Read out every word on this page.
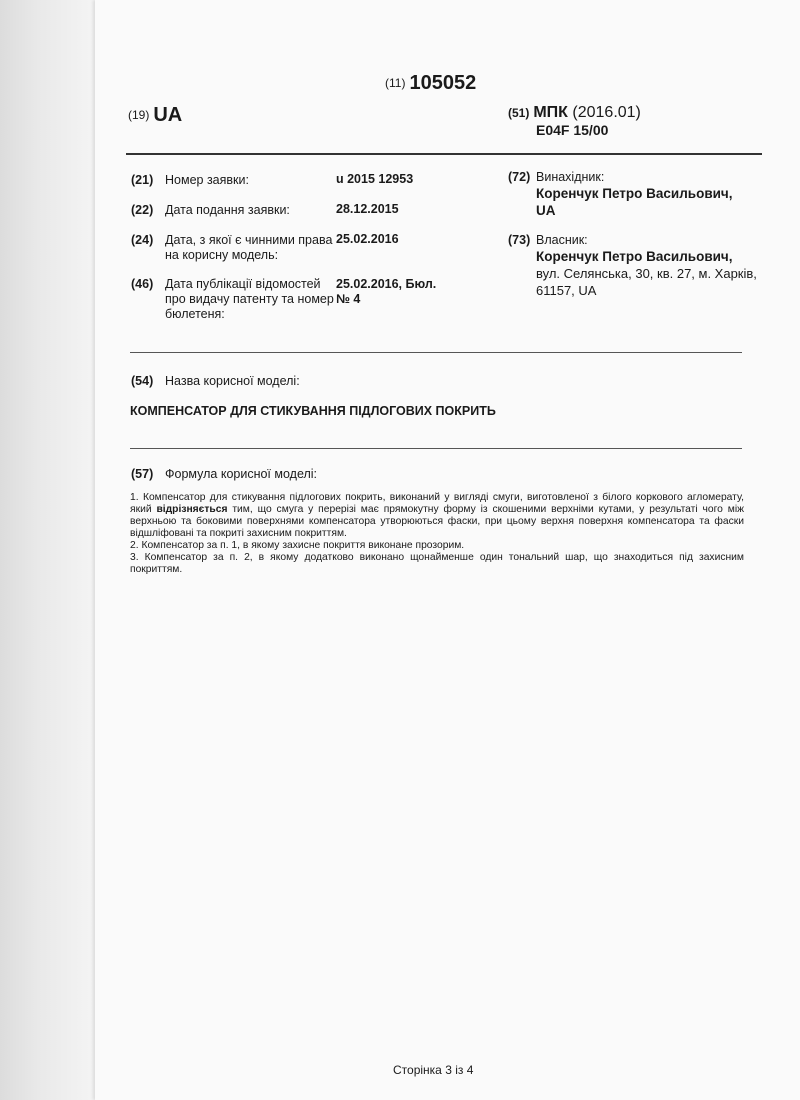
(11) 105052
(19) UA	(51) МПК (2016.01)
E04F 15/00
(21) Номер заявки:	u 2015 12953
(22) Дата подання заявки:	28.12.2015
(24) Дата, з якої є чинними права на корисну модель:
25.02.2016
(46) Дата публікації відомостей про видачу патенту та номер бюлетеня:
25.02.2016, Бюл. № 4
(72) Винахідник:
Коренчук Петро Васильович,
UA
(73) Власник:
Коренчук Петро Васильович,
вул. Селянська, 30, кв. 27, м. Харків, 61157, UA
(54) Назва корисної моделі:
КОМПЕНСАТОР ДЛЯ СТИКУВАННЯ ПІДЛОГОВИХ ПОКРИТЬ
(57) Формула корисної моделі:

1. Компенсатор для стикування підлогових покрить, виконаний у вигляді смуги, виготовленої з білого коркового агломерату, який відрізняється тим, що смуга у перерізі має прямокутну форму із скошеними верхніми кутами, у результаті чого між верхньою та боковими поверхнями компенсатора утворюються фаски, при цьому верхня поверхня компенсатора та фаски відшліфовані та покриті захисним покриттям.

2. Компенсатор за п. 1, в якому захисне покриття виконане прозорим.

3. Компенсатор за п. 2, в якому додатково виконано щонайменше один тональний шар, що знаходиться під захисним покриттям.

Сторінка 3 із 4
